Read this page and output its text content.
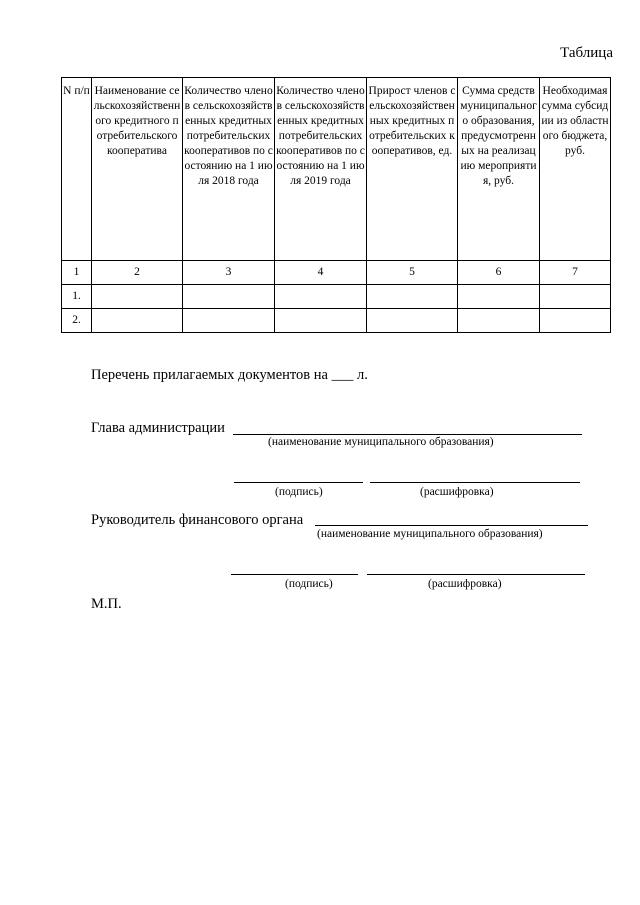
Таблица
N п/п	Наименование сельскохозяйственного кредитного потребительского кооператива	Количество членов сельскохозяйственных кредитных потребительских кооперативов по состоянию на 1 июля 2018 года	Количество членов сельскохозяйственных кредитных потребительских кооперативов по состоянию на 1 июля 2019 года	Прирост членов сельскохозяйственных кредитных потребительских кооперативов, ед.	Сумма средств муниципального образования, предусмотренных на реализацию мероприятия, руб.	Необходимая сумма субсидии из областного бюджета, руб.
1	2	3	4	5	6	7
1.						
2.						
Перечень прилагаемых документов на ___ л.
Глава администрации
(наименование муниципального образования)
(подпись)	(расшифровка)
Руководитель финансового органа
(наименование муниципального образования)
(подпись)	(расшифровка)
М.П.
